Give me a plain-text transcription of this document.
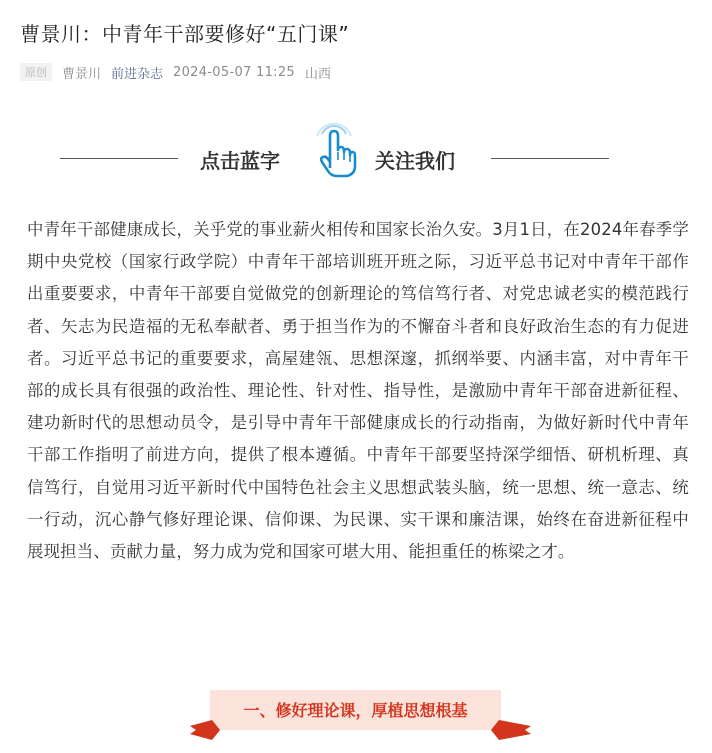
曹景川：中青年干部要修好“五门课”
原创	曹景川 前进杂志 2024-05-07 11:25 山西
点击蓝字	关注我们
中青年干部健康成长，关乎党的事业薪火相传和国家长治久安。3月1日，在2024年春季学期中央党校（国家行政学院）中青年干部培训班开班之际，习近平总书记对中青年干部作出重要要求，中青年干部要自觉做党的创新理论的笃信笃行者、对党忠诚老实的模范践行者、矢志为民造福的无私奉献者、勇于担当作为的不懈奋斗者和良好政治生态的有力促进者。习近平总书记的重要要求，高屋建瓴、思想深邃，抓纲举要、内涵丰富，对中青年干部的成长具有很强的政治性、理论性、针对性、指导性，是激励中青年干部奋进新征程、建功新时代的思想动员令，是引导中青年干部健康成长的行动指南，为做好新时代中青年干部工作指明了前进方向，提供了根本遵循。中青年干部要坚持深学细悟、研机析理、真信笃行，自觉用习近平新时代中国特色社会主义思想武装头脑，统一思想、统一意志、统一行动，沉心静气修好理论课、信仰课、为民课、实干课和廉洁课，始终在奋进新征程中展现担当、贡献力量，努力成为党和国家可堪大用、能担重任的栋梁之才。
一、修好理论课，厚植思想根基
